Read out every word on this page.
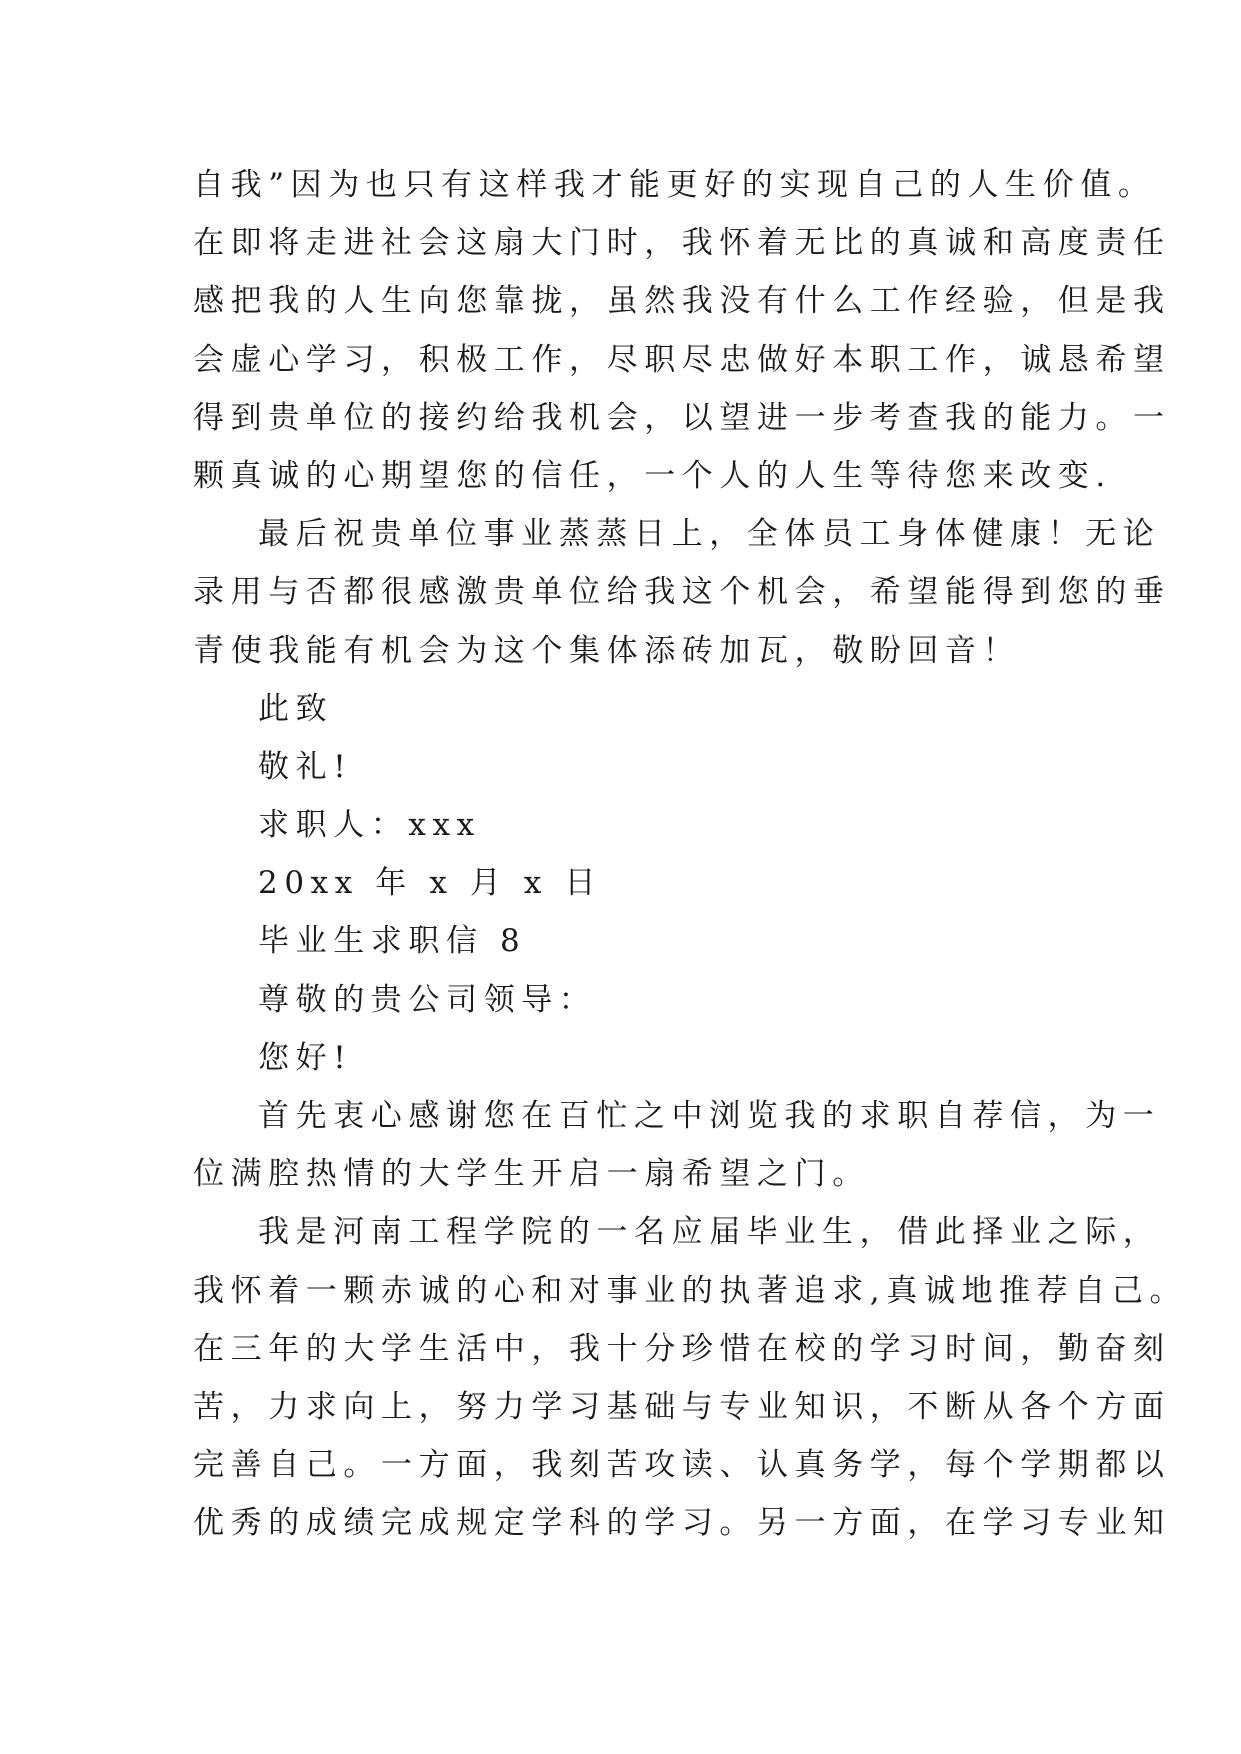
自我”因为也只有这样我才能更好的实现自己的人生价值。
在即将走进社会这扇大门时，我怀着无比的真诚和高度责任
感把我的人生向您靠拢，虽然我没有什么工作经验，但是我
会虚心学习，积极工作，尽职尽忠做好本职工作，诚恳希望
得到贵单位的接约给我机会，以望进一步考查我的能力。一
颗真诚的心期望您的信任，一个人的人生等待您来改变.
最后祝贵单位事业蒸蒸日上，全体员工身体健康！无论
录用与否都很感激贵单位给我这个机会，希望能得到您的垂
青使我能有机会为这个集体添砖加瓦，敬盼回音！
此致
敬礼!
求职人：xxx
20xx 年 x 月 x 日
毕业生求职信 8
尊敬的贵公司领导：
您好!
首先衷心感谢您在百忙之中浏览我的求职自荐信，为一
位满腔热情的大学生开启一扇希望之门。
我是河南工程学院的一名应届毕业生，借此择业之际，
我怀着一颗赤诚的心和对事业的执著追求,真诚地推荐自己。
在三年的大学生活中，我十分珍惜在校的学习时间，勤奋刻
苦，力求向上，努力学习基础与专业知识，不断从各个方面
完善自己。一方面，我刻苦攻读、认真务学，每个学期都以
优秀的成绩完成规定学科的学习。另一方面，在学习专业知
